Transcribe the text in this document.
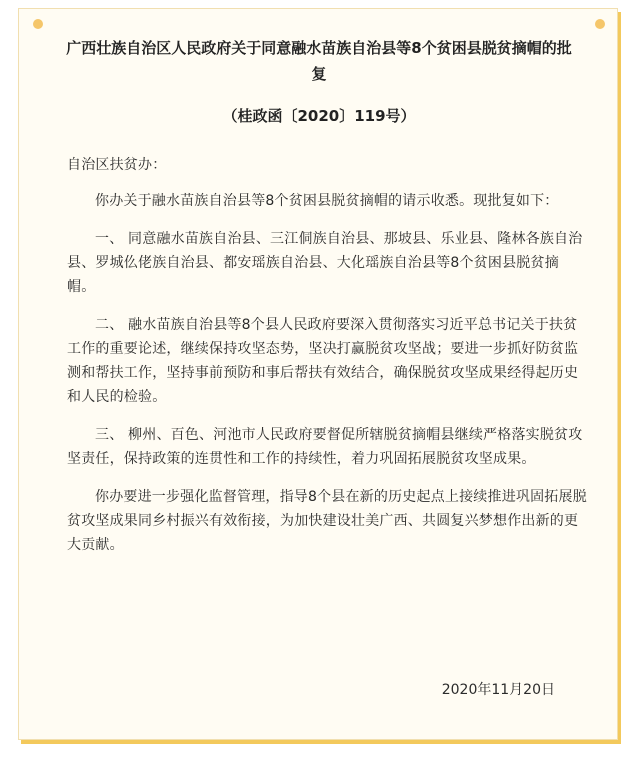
广西壮族自治区人民政府关于同意融水苗族自治县等8个贫困县脱贫摘帽的批复
（桂政函〔2020〕119号）

自治区扶贫办：

你办关于融水苗族自治县等8个贫困县脱贫摘帽的请示收悉。现批复如下：

一、 同意融水苗族自治县、三江侗族自治县、那坡县、乐业县、隆林各族自治县、罗城仫佬族自治县、都安瑶族自治县、大化瑶族自治县等8个贫困县脱贫摘帽。

二、 融水苗族自治县等8个县人民政府要深入贯彻落实习近平总书记关于扶贫工作的重要论述，继续保持攻坚态势，坚决打赢脱贫攻坚战；要进一步抓好防贫监测和帮扶工作，坚持事前预防和事后帮扶有效结合，确保脱贫攻坚成果经得起历史和人民的检验。

三、 柳州、百色、河池市人民政府要督促所辖脱贫摘帽县继续严格落实脱贫攻坚责任，保持政策的连贯性和工作的持续性，着力巩固拓展脱贫攻坚成果。

你办要进一步强化监督管理，指导8个县在新的历史起点上接续推进巩固拓展脱贫攻坚成果同乡村振兴有效衔接，为加快建设壮美广西、共圆复兴梦想作出新的更大贡献。

2020年11月20日
